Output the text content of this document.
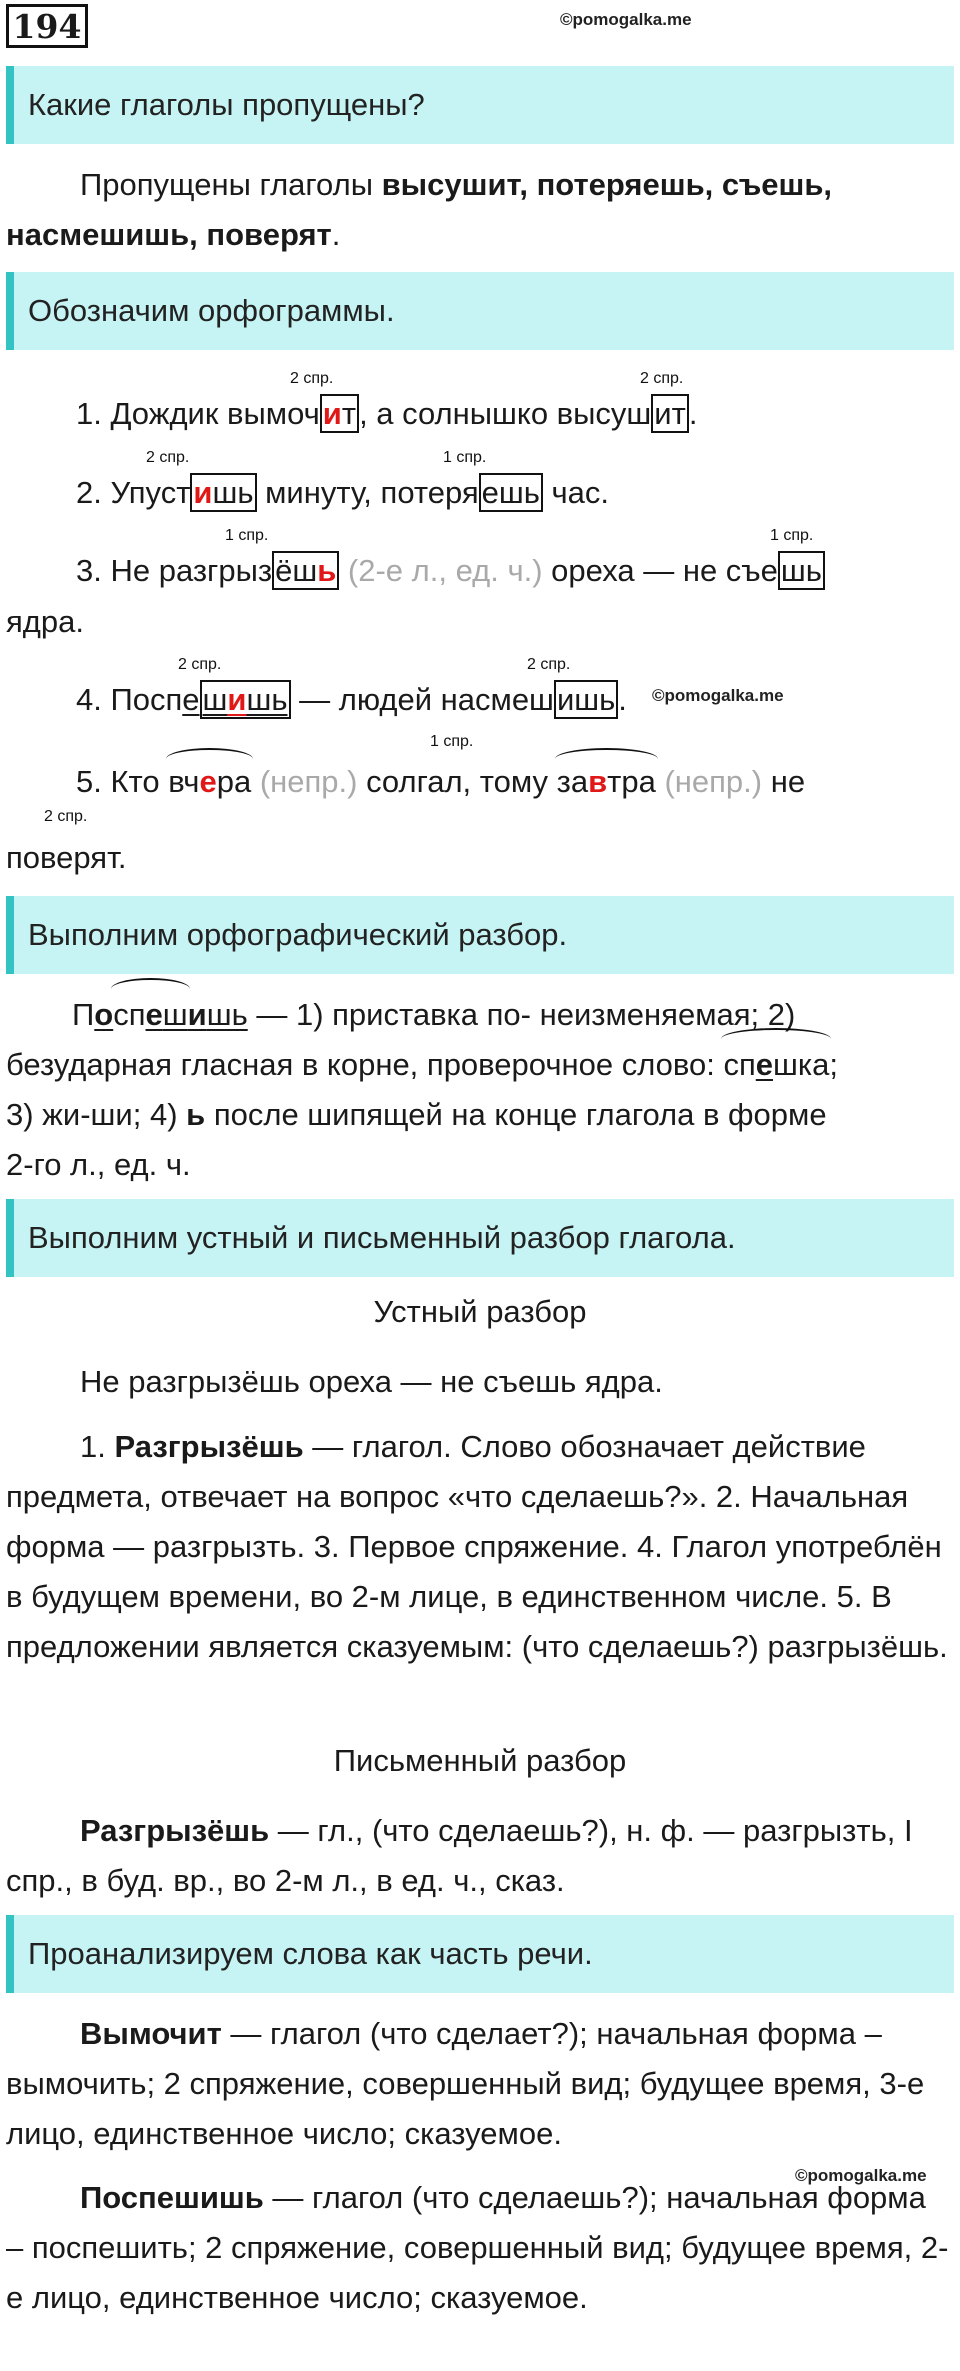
194	©pomogalka.me
Какие глаголы пропущены?
Пропущены глаголы высушит, потеряешь, съешь, насмешишь, поверят.
Обозначим орфограммы.
2 спр.	2 спр.
1. Дождик вымочит, а солнышко высушит.
2 спр.	1 спр.
2. Упустишь минуту, потеряешь час.
1 спр.	1 спр.
3. Не разгрызёшь (2-е л., ед. ч.) ореха — не съешь
ядра.
2 спр.	2 спр.
4. Поспешишь — людей насмешишь. ©pomogalka.me
1 спр.
5. Кто вчера (непр.) солгал, тому завтра (непр.) не
2 спр.
поверят.
Выполним орфографический разбор.
Поспешишь — 1) приставка по- неизменяемая; 2)
безударная гласная в корне, проверочное слово: спешка;
3) жи-ши; 4) ь после шипящей на конце глагола в форме
2-го л., ед. ч.
Выполним устный и письменный разбор глагола.
Устный разбор
Не разгрызёшь ореха — не съешь ядра.
1. Разгрызёшь — глагол. Слово обозначает действие предмета, отвечает на вопрос «что сделаешь?». 2. Начальная форма — разгрызть. 3. Первое спряжение. 4. Глагол употреблён в будущем времени, во 2-м лице, в единственном числе. 5. В предложении является сказуемым: (что сделаешь?) разгрызёшь.
Письменный разбор
Разгрызёшь — гл., (что сделаешь?), н. ф. — разгрызть, I спр., в буд. вр., во 2-м л., в ед. ч., сказ.
Проанализируем слова как часть речи.
Вымочит — глагол (что сделает?); начальная форма – вымочить; 2 спряжение, совершенный вид; будущее время, 3-е лицо, единственное число; сказуемое.
©pomogalka.me
Поспешишь — глагол (что сделаешь?); начальная форма – поспешить; 2 спряжение, совершенный вид; будущее время, 2-е лицо, единственное число; сказуемое.
